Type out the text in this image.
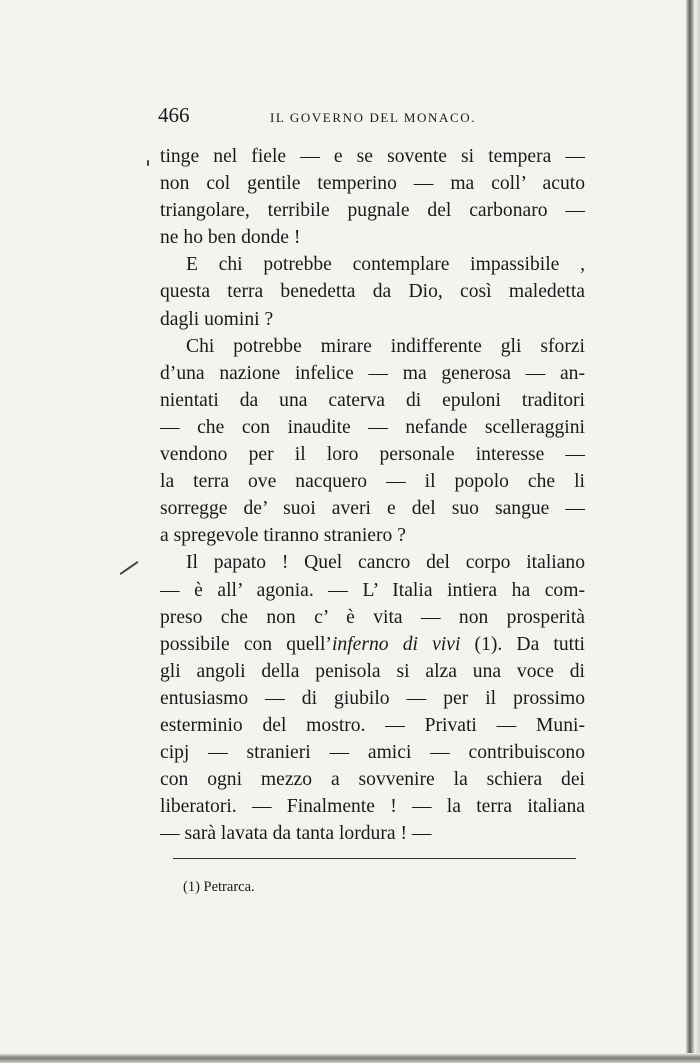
466	IL GOVERNO DEL MONACO.
tinge nel fiele — e se sovente si tempera —
non col gentile temperino — ma coll’ acuto
triangolare, terribile pugnale del carbonaro —
ne ho ben donde !
E chi potrebbe contemplare impassibile ,
questa terra benedetta da Dio, così maledetta
dagli uomini ?
Chi potrebbe mirare indifferente gli sforzi
d’una nazione infelice — ma generosa — an-
nientati da una caterva di epuloni traditori
— che con inaudite — nefande scelleraggini
vendono per il loro personale interesse —
la terra ove nacquero — il popolo che li
sorregge de’ suoi averi e del suo sangue —
a spregevole tiranno straniero ?
Il papato ! Quel cancro del corpo italiano
— è all’ agonia. — L’ Italia intiera ha com-
preso che non c’ è vita — non prosperità
possibile con quell’inferno di vivi (1). Da tutti
gli angoli della penisola si alza una voce di
entusiasmo — di giubilo — per il prossimo
esterminio del mostro. — Privati — Muni-
cipj — stranieri — amici — contribuiscono
con ogni mezzo a sovvenire la schiera dei
liberatori. — Finalmente ! — la terra italiana
— sarà lavata da tanta lordura ! —
(1) Petrarca.
